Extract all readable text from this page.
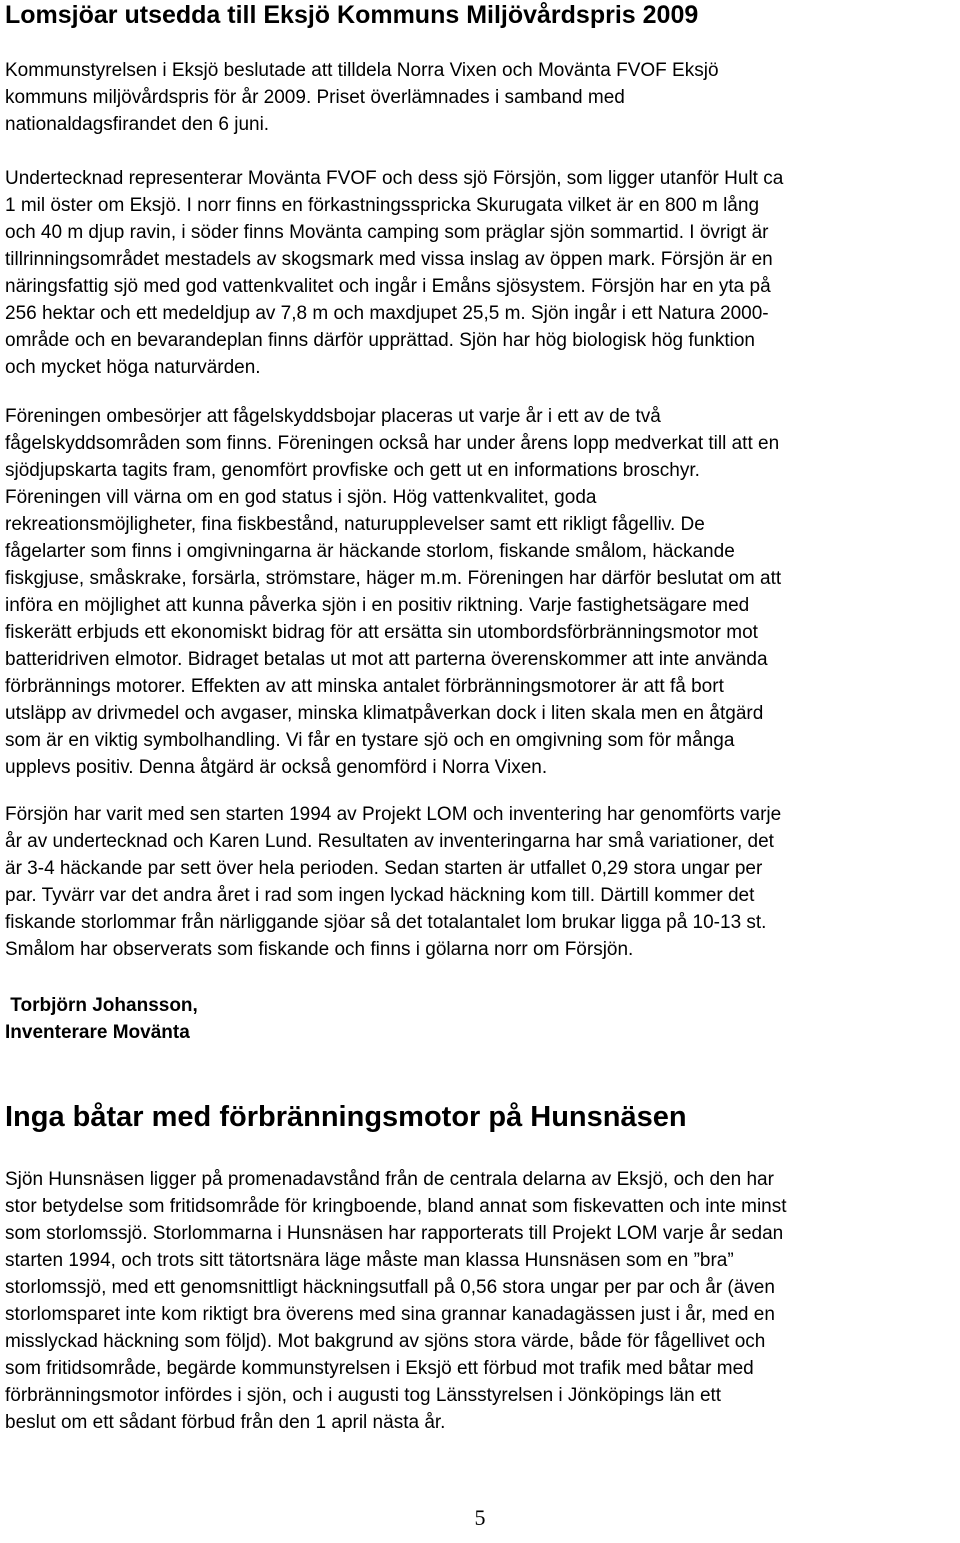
Lomsjöar utsedda till Eksjö Kommuns Miljövårdspris 2009
Kommunstyrelsen i Eksjö beslutade att tilldela Norra Vixen och Movänta FVOF Eksjö
kommuns miljövårdspris för år 2009. Priset överlämnades i samband med
nationaldagsfirandet den 6 juni.
Undertecknad representerar Movänta FVOF och dess sjö Försjön, som ligger utanför Hult ca
1 mil öster om Eksjö. I norr finns en förkastningsspricka Skurugata vilket är en 800 m lång
och 40 m djup ravin, i söder finns Movänta camping som präglar sjön sommartid. I övrigt är
tillrinningsområdet mestadels av skogsmark med vissa inslag av öppen mark. Försjön är en
näringsfattig sjö med god vattenkvalitet och ingår i Emåns sjösystem. Försjön har en yta på
256 hektar och ett medeldjup av 7,8 m och maxdjupet 25,5 m. Sjön ingår i ett Natura 2000-
område och en bevarandeplan finns därför upprättad. Sjön har hög biologisk hög funktion
och mycket höga naturvärden.
Föreningen ombesörjer att fågelskyddsbojar placeras ut varje år i ett av de två
fågelskyddsområden som finns. Föreningen också har under årens lopp medverkat till att en
sjödjupskarta tagits fram, genomfört provfiske och gett ut en informations broschyr.
Föreningen vill värna om en god status i sjön. Hög vattenkvalitet, goda
rekreationsmöjligheter, fina fiskbestånd, naturupplevelser samt ett rikligt fågelliv. De
fågelarter som finns i omgivningarna är häckande storlom, fiskande smålom, häckande
fiskgjuse, småskrake, forsärla, strömstare, häger m.m. Föreningen har därför beslutat om att
införa en möjlighet att kunna påverka sjön i en positiv riktning. Varje fastighetsägare med
fiskerätt erbjuds ett ekonomiskt bidrag för att ersätta sin utombordsförbränningsmotor mot
batteridriven elmotor. Bidraget betalas ut mot att parterna överenskommer att inte använda
förbrännings motorer. Effekten av att minska antalet förbränningsmotorer är att få bort
utsläpp av drivmedel och avgaser, minska klimatpåverkan dock i liten skala men en åtgärd
som är en viktig symbolhandling. Vi får en tystare sjö och en omgivning som för många
upplevs positiv. Denna åtgärd är också genomförd i Norra Vixen.
Försjön har varit med sen starten 1994 av Projekt LOM och inventering har genomförts varje
år av undertecknad och Karen Lund. Resultaten av inventeringarna har små variationer, det
är 3-4 häckande par sett över hela perioden. Sedan starten är utfallet 0,29 stora ungar per
par. Tyvärr var det andra året i rad som ingen lyckad häckning kom till. Därtill kommer det
fiskande storlommar från närliggande sjöar så det totalantalet lom brukar ligga på 10-13 st.
Smålom har observerats som fiskande och finns i gölarna norr om Försjön.
Torbjörn Johansson,
Inventerare Movänta
Inga båtar med förbränningsmotor på Hunsnäsen
Sjön Hunsnäsen ligger på promenadavstånd från de centrala delarna av Eksjö, och den har
stor betydelse som fritidsområde för kringboende, bland annat som fiskevatten och inte minst
som storlomssjö. Storlommarna i Hunsnäsen har rapporterats till Projekt LOM varje år sedan
starten 1994, och trots sitt tätortsnära läge måste man klassa Hunsnäsen som en ”bra”
storlomssjö, med ett genomsnittligt häckningsutfall på 0,56 stora ungar per par och år (även
storlomsparet inte kom riktigt bra överens med sina grannar kanadagässen just i år, med en
misslyckad häckning som följd). Mot bakgrund av sjöns stora värde, både för fågellivet och
som fritidsområde, begärde kommunstyrelsen i Eksjö ett förbud mot trafik med båtar med
förbränningsmotor infördes i sjön, och i augusti tog Länsstyrelsen i Jönköpings län ett
beslut om ett sådant förbud från den 1 april nästa år.
5
